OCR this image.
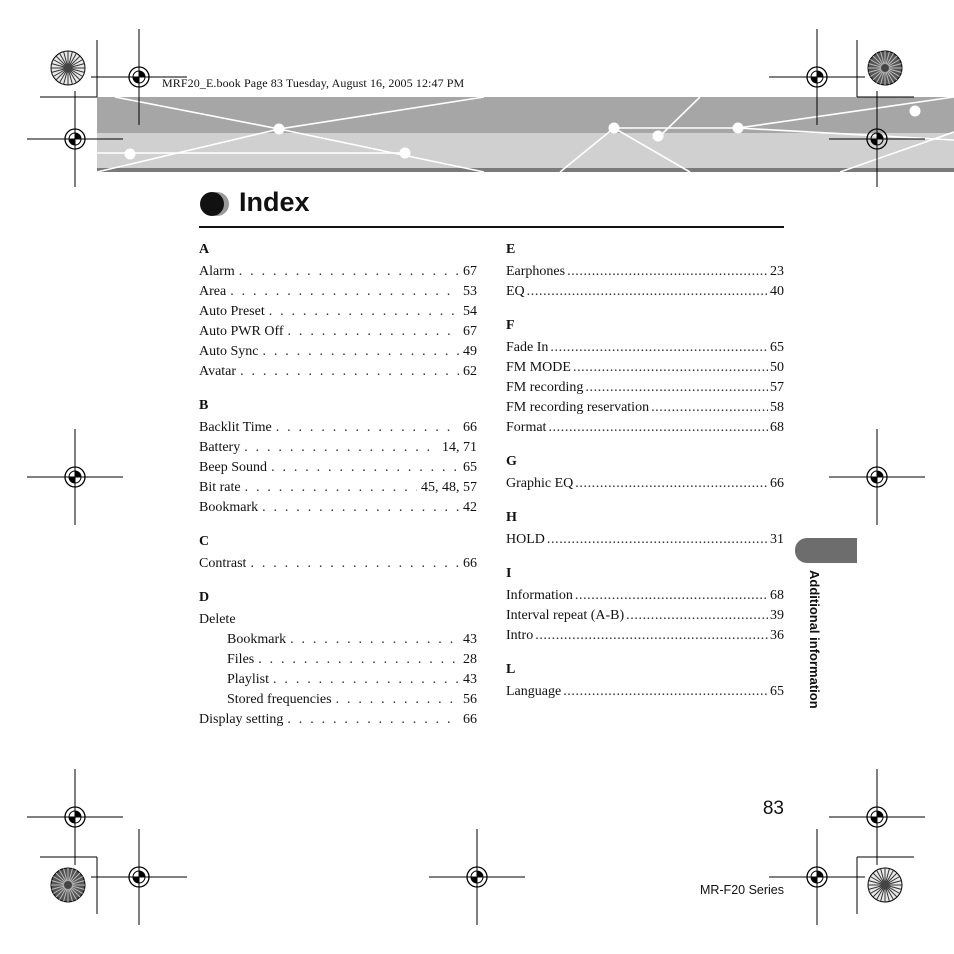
MRF20_E.book Page 83 Tuesday, August 16, 2005 12:47 PM
Index
A
Alarm . . .	67
Area . . .	53
Auto Preset . . .	54
Auto PWR Off . . .	67
Auto Sync . . .	49
Avatar . . .	62
B
Backlit Time . . .	66
Battery . . .	14, 71
Beep Sound . . .	65
Bit rate . . .	45, 48, 57
Bookmark . . .	42
C
Contrast . . .	66
D
Delete
Bookmark . . .	43
Files . . .	28
Playlist . . .	43
Stored frequencies . . .	56
Display setting . . .	66
E
Earphones .....	23
EQ .....	40
F
Fade In .....	65
FM MODE .....	50
FM recording .....	57
FM recording reservation .....	58
Format .....	68
G
Graphic EQ .....	66
H
HOLD .....	31
I
Information .....	68
Interval repeat (A-B) .....	39
Intro .....	36
L
Language .....	65 Additional information
83
MR-F20 Series
